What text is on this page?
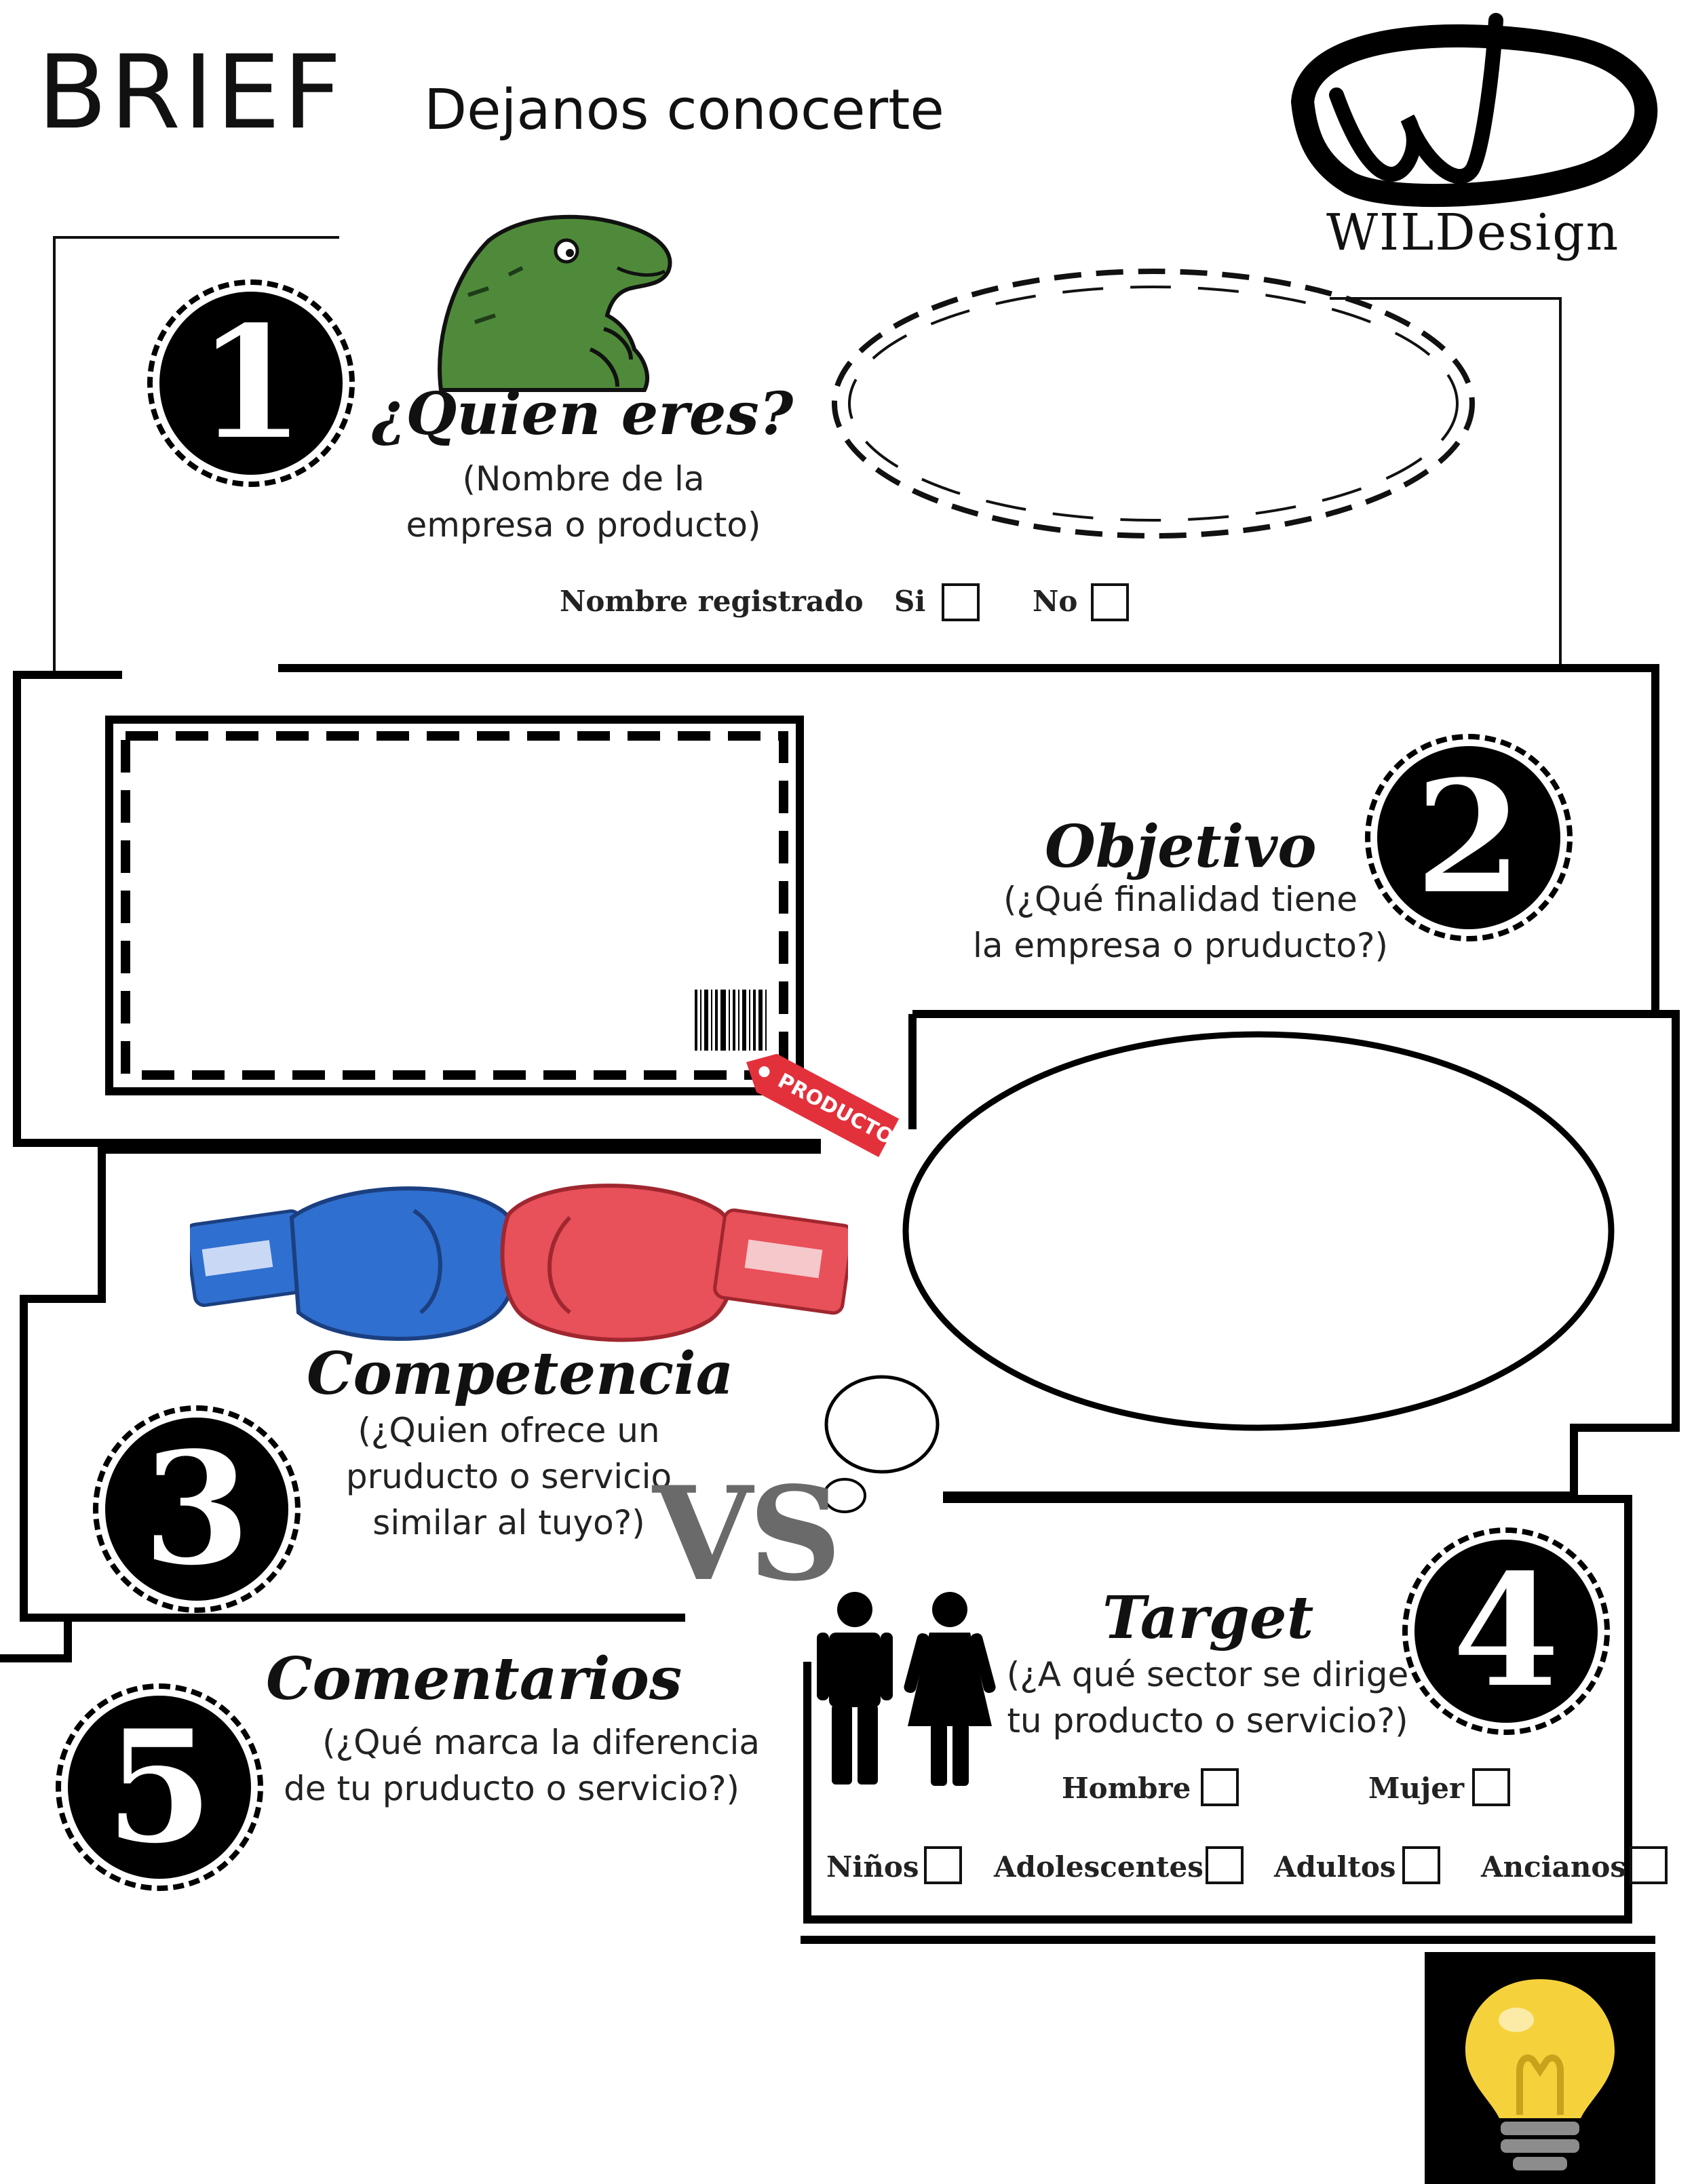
BRIEF Dejanos conocerte
WILDesign
1 ¿Quien eres?
(Nombre de la
empresa o producto)
Nombre registrado Si	No
PRODUCTO
Objetivo
(¿Qué finalidad tiene
la empresa o pruducto?)
2
Competencia
(¿Quien ofrece un
pruducto o servicio
similar al tuyo?)
3	VS
Target
(¿A qué sector se dirige
tu producto o servicio?) 4
Hombre	Mujer
Niños	Adolescentes Adultos	Ancianos
Comentarios
(¿Qué marca la diferencia
de tu pruducto o servicio?)
5
